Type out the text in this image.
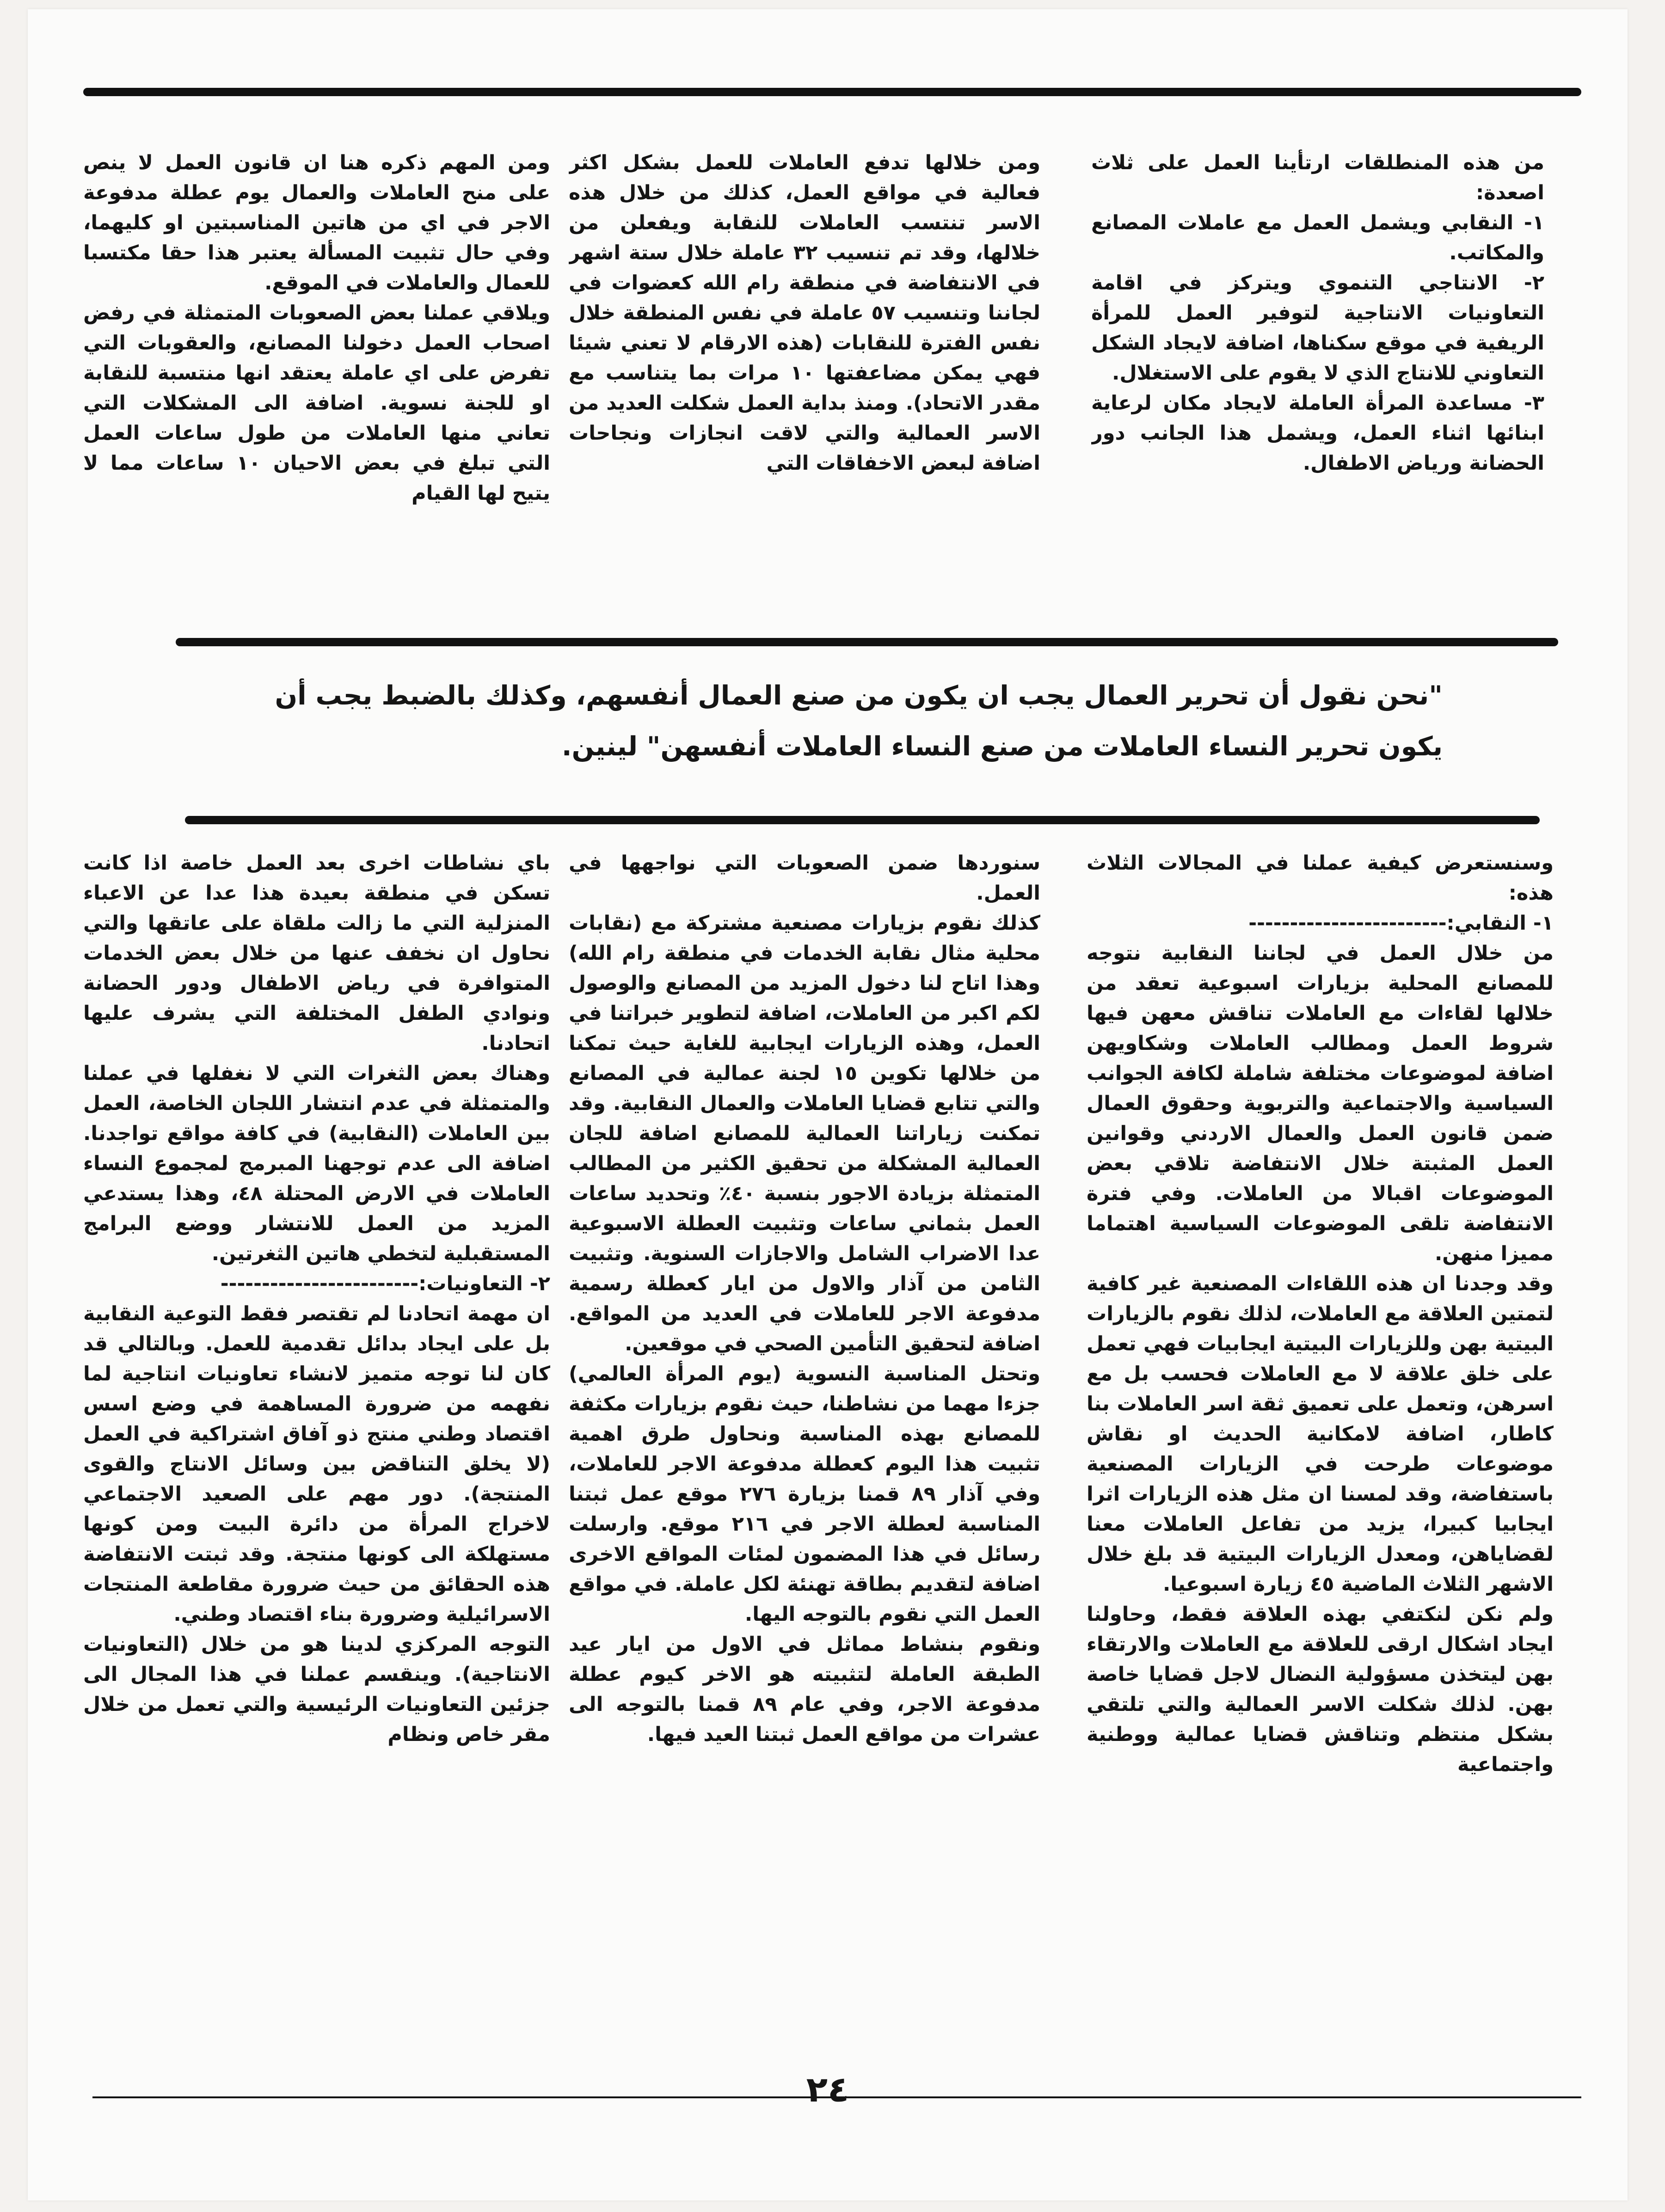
من هذه المنطلقات ارتأينا العمل على ثلاث اصعدة:

١- النقابي ويشمل العمل مع عاملات المصانع والمكاتب.

٢- الانتاجي التنموي ويتركز في اقامة التعاونيات الانتاجية لتوفير العمل للمرأة الريفية في موقع سكناها، اضافة لايجاد الشكل التعاوني للانتاج الذي لا يقوم على الاستغلال.

٣- مساعدة المرأة العاملة لايجاد مكان لرعاية ابنائها اثناء العمل، ويشمل هذا الجانب دور الحضانة ورياض الاطفال.

ومن خلالها تدفع العاملات للعمل بشكل اكثر فعالية في مواقع العمل، كذلك من خلال هذه الاسر تنتسب العاملات للنقابة ويفعلن من خلالها، وقد تم تنسيب ٣٢ عاملة خلال ستة اشهر في الانتفاضة في منطقة رام الله كعضوات في لجاننا وتنسيب ٥٧ عاملة في نفس المنطقة خلال نفس الفترة للنقابات (هذه الارقام لا تعني شيئا فهي يمكن مضاعفتها ١٠ مرات بما يتناسب مع مقدر الاتحاد). ومنذ بداية العمل شكلت العديد من الاسر العمالية والتي لاقت انجازات ونجاحات اضافة لبعض الاخفاقات التي

ومن المهم ذكره هنا ان قانون العمل لا ينص على منح العاملات والعمال يوم عطلة مدفوعة الاجر في اي من هاتين المناسبتين او كليهما، وفي حال تثبيت المسألة يعتبر هذا حقا مكتسبا للعمال والعاملات في الموقع.

ويلاقي عملنا بعض الصعوبات المتمثلة في رفض اصحاب العمل دخولنا المصانع، والعقوبات التي تفرض على اي عاملة يعتقد انها منتسبة للنقابة او للجنة نسوية. اضافة الى المشكلات التي تعاني منها العاملات من طول ساعات العمل التي تبلغ في بعض الاحيان ١٠ ساعات مما لا يتيح لها القيام

"نحن نقول أن تحرير العمال يجب ان يكون من صنع العمال أنفسهم، وكذلك بالضبط يجب أن
يكون تحرير النساء العاملات من صنع النساء العاملات أنفسهن" لينين.

وسنستعرض كيفية عملنا في المجالات الثلاث هذه:

١- النقابي:------------------------

من خلال العمل في لجاننا النقابية نتوجه للمصانع المحلية بزيارات اسبوعية تعقد من خلالها لقاءات مع العاملات تناقش معهن فيها شروط العمل ومطالب العاملات وشكاويهن اضافة لموضوعات مختلفة شاملة لكافة الجوانب السياسية والاجتماعية والتربوية وحقوق العمال ضمن قانون العمل والعمال الاردني وقوانين العمل المثبتة خلال الانتفاضة تلاقي بعض الموضوعات اقبالا من العاملات. وفي فترة الانتفاضة تلقى الموضوعات السياسية اهتماما مميزا منهن.

وقد وجدنا ان هذه اللقاءات المصنعية غير كافية لتمتين العلاقة مع العاملات، لذلك نقوم بالزيارات البيتية بهن وللزيارات البيتية ايجابيات فهي تعمل على خلق علاقة لا مع العاملات فحسب بل مع اسرهن، وتعمل على تعميق ثقة اسر العاملات بنا كاطار، اضافة لامكانية الحديث او نقاش موضوعات طرحت في الزيارات المصنعية باستفاضة، وقد لمسنا ان مثل هذه الزيارات اثرا ايجابيا كبيرا، يزيد من تفاعل العاملات معنا لقضاياهن، ومعدل الزيارات البيتية قد بلغ خلال الاشهر الثلاث الماضية ٤٥ زيارة اسبوعيا.

ولم نكن لنكتفي بهذه العلاقة فقط، وحاولنا ايجاد اشكال ارقى للعلاقة مع العاملات والارتقاء بهن ليتخذن مسؤولية النضال لاجل قضايا خاصة بهن. لذلك شكلت الاسر العمالية والتي تلتقي بشكل منتظم وتناقش قضايا عمالية ووطنية واجتماعية

سنوردها ضمن الصعوبات التي نواجهها في العمل.

كذلك نقوم بزيارات مصنعية مشتركة مع (نقابات محلية مثال نقابة الخدمات في منطقة رام الله) وهذا اتاح لنا دخول المزيد من المصانع والوصول لكم اكبر من العاملات، اضافة لتطوير خبراتنا في العمل، وهذه الزيارات ايجابية للغاية حيث تمكنا من خلالها تكوين ١٥ لجنة عمالية في المصانع والتي تتابع قضايا العاملات والعمال النقابية. وقد تمكنت زياراتنا العمالية للمصانع اضافة للجان العمالية المشكلة من تحقيق الكثير من المطالب المتمثلة بزيادة الاجور بنسبة ٤٠٪ وتحديد ساعات العمل بثماني ساعات وتثبيت العطلة الاسبوعية عدا الاضراب الشامل والاجازات السنوية. وتثبيت الثامن من آذار والاول من ايار كعطلة رسمية مدفوعة الاجر للعاملات في العديد من المواقع. اضافة لتحقيق التأمين الصحي في موقعين.

وتحتل المناسبة النسوية (يوم المرأة العالمي) جزءا مهما من نشاطنا، حيث نقوم بزيارات مكثفة للمصانع بهذه المناسبة ونحاول طرق اهمية تثبيت هذا اليوم كعطلة مدفوعة الاجر للعاملات، وفي آذار ٨٩ قمنا بزيارة ٢٧٦ موقع عمل ثبتنا المناسبة لعطلة الاجر في ٢١٦ موقع. وارسلت رسائل في هذا المضمون لمئات المواقع الاخرى اضافة لتقديم بطاقة تهنئة لكل عاملة. في مواقع العمل التي نقوم بالتوجه اليها.

ونقوم بنشاط مماثل في الاول من ايار عيد الطبقة العاملة لتثبيته هو الاخر كيوم عطلة مدفوعة الاجر، وفي عام ٨٩ قمنا بالتوجه الى عشرات من مواقع العمل ثبتنا العيد فيها.

باي نشاطات اخرى بعد العمل خاصة اذا كانت تسكن في منطقة بعيدة هذا عدا عن الاعباء المنزلية التي ما زالت ملقاة على عاتقها والتي نحاول ان نخفف عنها من خلال بعض الخدمات المتوافرة في رياض الاطفال ودور الحضانة ونوادي الطفل المختلفة التي يشرف عليها اتحادنا.

وهناك بعض الثغرات التي لا نغفلها في عملنا والمتمثلة في عدم انتشار اللجان الخاصة، العمل بين العاملات (النقابية) في كافة مواقع تواجدنا. اضافة الى عدم توجهنا المبرمج لمجموع النساء العاملات في الارض المحتلة ٤٨، وهذا يستدعي المزيد من العمل للانتشار ووضع البرامج المستقبلية لتخطي هاتين الثغرتين.

٢- التعاونيات:------------------------

ان مهمة اتحادنا لم تقتصر فقط التوعية النقابية بل على ايجاد بدائل تقدمية للعمل. وبالتالي قد كان لنا توجه متميز لانشاء تعاونيات انتاجية لما نفهمه من ضرورة المساهمة في وضع اسس اقتصاد وطني منتج ذو آفاق اشتراكية في العمل (لا يخلق التناقض بين وسائل الانتاج والقوى المنتجة). دور مهم على الصعيد الاجتماعي لاخراج المرأة من دائرة البيت ومن كونها مستهلكة الى كونها منتجة. وقد ثبتت الانتفاضة هذه الحقائق من حيث ضرورة مقاطعة المنتجات الاسرائيلية وضرورة بناء اقتصاد وطني.

التوجه المركزي لدينا هو من خلال (التعاونيات الانتاجية). وينقسم عملنا في هذا المجال الى جزئين التعاونيات الرئيسية والتي تعمل من خلال مقر خاص ونظام

٢٤
